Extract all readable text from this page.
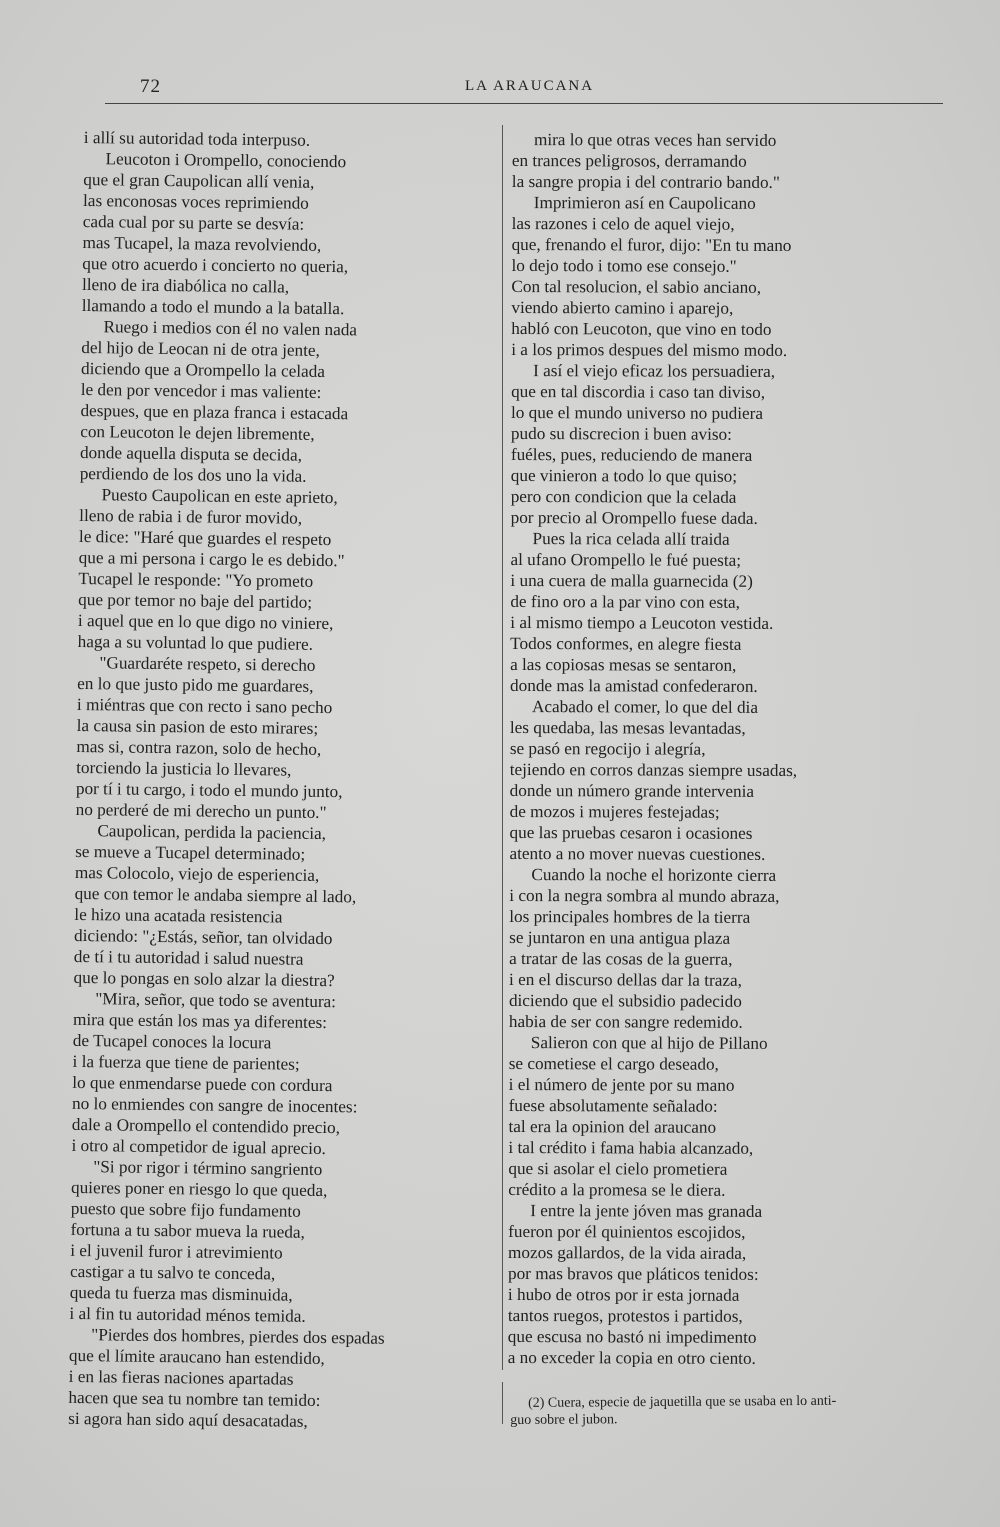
72	LA ARAUCANA
i allí su autoridad toda interpuso.
Leucoton i Orompello, conociendo
que el gran Caupolican allí venia,
las enconosas voces reprimiendo
cada cual por su parte se desvía:
mas Tucapel, la maza revolviendo,
que otro acuerdo i concierto no queria,
lleno de ira diabólica no calla,
llamando a todo el mundo a la batalla.
Ruego i medios con él no valen nada
del hijo de Leocan ni de otra jente,
diciendo que a Orompello la celada
le den por vencedor i mas valiente:
despues, que en plaza franca i estacada
con Leucoton le dejen libremente,
donde aquella disputa se decida,
perdiendo de los dos uno la vida.
Puesto Caupolican en este aprieto,
lleno de rabia i de furor movido,
le dice: "Haré que guardes el respeto
que a mi persona i cargo le es debido."
Tucapel le responde: "Yo prometo
que por temor no baje del partido;
i aquel que en lo que digo no viniere,
haga a su voluntad lo que pudiere.
"Guardaréte respeto, si derecho
en lo que justo pido me guardares,
i miéntras que con recto i sano pecho
la causa sin pasion de esto mirares;
mas si, contra razon, solo de hecho,
torciendo la justicia lo llevares,
por tí i tu cargo, i todo el mundo junto,
no perderé de mi derecho un punto."
Caupolican, perdida la paciencia,
se mueve a Tucapel determinado;
mas Colocolo, viejo de esperiencia,
que con temor le andaba siempre al lado,
le hizo una acatada resistencia
diciendo: "¿Estás, señor, tan olvidado
de tí i tu autoridad i salud nuestra
que lo pongas en solo alzar la diestra?
"Mira, señor, que todo se aventura:
mira que están los mas ya diferentes:
de Tucapel conoces la locura
i la fuerza que tiene de parientes;
lo que enmendarse puede con cordura
no lo enmiendes con sangre de inocentes:
dale a Orompello el contendido precio,
i otro al competidor de igual aprecio.
"Si por rigor i término sangriento
quieres poner en riesgo lo que queda,
puesto que sobre fijo fundamento
fortuna a tu sabor mueva la rueda,
i el juvenil furor i atrevimiento
castigar a tu salvo te conceda,
queda tu fuerza mas disminuida,
i al fin tu autoridad ménos temida.
"Pierdes dos hombres, pierdes dos espadas
que el límite araucano han estendido,
i en las fieras naciones apartadas
hacen que sea tu nombre tan temido:
si agora han sido aquí desacatadas,
mira lo que otras veces han servido
en trances peligrosos, derramando
la sangre propia i del contrario bando."
Imprimieron así en Caupolicano
las razones i celo de aquel viejo,
que, frenando el furor, dijo: "En tu mano
lo dejo todo i tomo ese consejo."
Con tal resolucion, el sabio anciano,
viendo abierto camino i aparejo,
habló con Leucoton, que vino en todo
i a los primos despues del mismo modo.
I así el viejo eficaz los persuadiera,
que en tal discordia i caso tan diviso,
lo que el mundo universo no pudiera
pudo su discrecion i buen aviso:
fuéles, pues, reduciendo de manera
que vinieron a todo lo que quiso;
pero con condicion que la celada
por precio al Orompello fuese dada.
Pues la rica celada allí traida
al ufano Orompello le fué puesta;
i una cuera de malla guarnecida (2)
de fino oro a la par vino con esta,
i al mismo tiempo a Leucoton vestida.
Todos conformes, en alegre fiesta
a las copiosas mesas se sentaron,
donde mas la amistad confederaron.
Acabado el comer, lo que del dia
les quedaba, las mesas levantadas,
se pasó en regocijo i alegría,
tejiendo en corros danzas siempre usadas,
donde un número grande intervenia
de mozos i mujeres festejadas;
que las pruebas cesaron i ocasiones
atento a no mover nuevas cuestiones.
Cuando la noche el horizonte cierra
i con la negra sombra al mundo abraza,
los principales hombres de la tierra
se juntaron en una antigua plaza
a tratar de las cosas de la guerra,
i en el discurso dellas dar la traza,
diciendo que el subsidio padecido
habia de ser con sangre redemido.
Salieron con que al hijo de Pillano
se cometiese el cargo deseado,
i el número de jente por su mano
fuese absolutamente señalado:
tal era la opinion del araucano
i tal crédito i fama habia alcanzado,
que si asolar el cielo prometiera
crédito a la promesa se le diera.
I entre la jente jóven mas granada
fueron por él quinientos escojidos,
mozos gallardos, de la vida airada,
por mas bravos que pláticos tenidos:
i hubo de otros por ir esta jornada
tantos ruegos, protestos i partidos,
que escusa no bastó ni impedimento
a no exceder la copia en otro ciento.
(2) Cuera, especie de jaquetilla que se usaba en lo anti-
guo sobre el jubon.
